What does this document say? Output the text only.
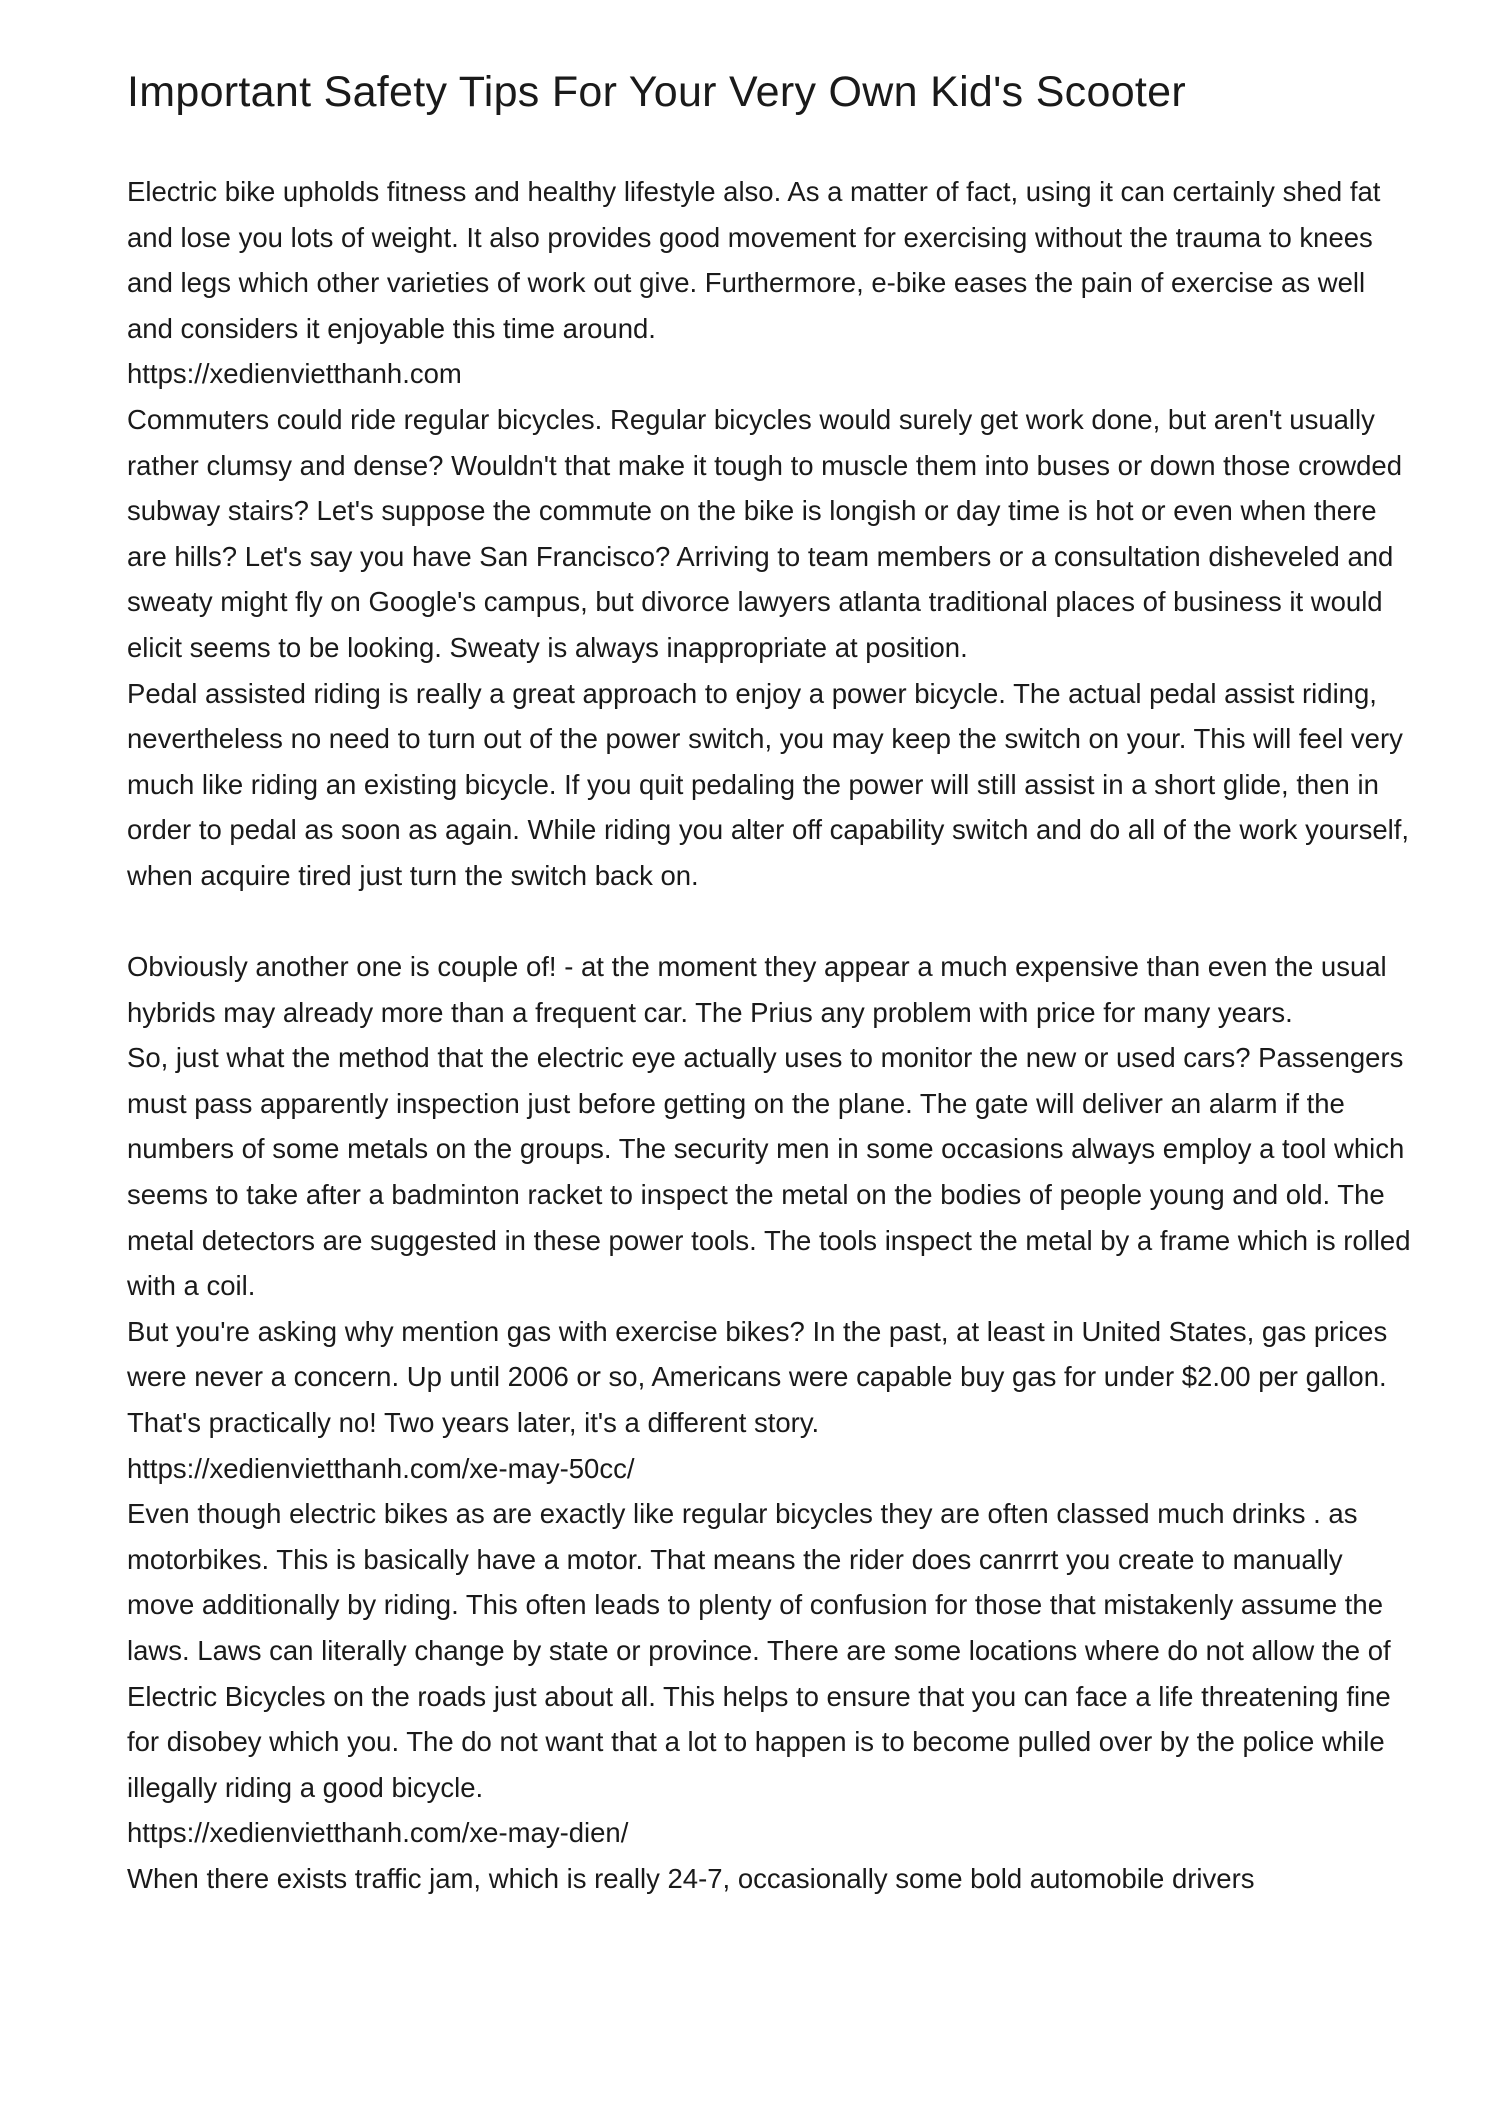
Important Safety Tips For Your Very Own Kid's Scooter

Electric bike upholds fitness and healthy lifestyle also. As a matter of fact, using it can certainly shed fat and lose you lots of weight. It also provides good movement for exercising without the trauma to knees and legs which other varieties of work out give. Furthermore, e-bike eases the pain of exercise as well and considers it enjoyable this time around.

https://xedienvietthanh.com

Commuters could ride regular bicycles. Regular bicycles would surely get work done, but aren't usually rather clumsy and dense? Wouldn't that make it tough to muscle them into buses or down those crowded subway stairs? Let's suppose the commute on the bike is longish or day time is hot or even when there are hills? Let's say you have San Francisco? Arriving to team members or a consultation disheveled and sweaty might fly on Google's campus, but divorce lawyers atlanta traditional places of business it would elicit seems to be looking. Sweaty is always inappropriate at position.

Pedal assisted riding is really a great approach to enjoy a power bicycle. The actual pedal assist riding, nevertheless no need to turn out of the power switch, you may keep the switch on your. This will feel very much like riding an existing bicycle. If you quit pedaling the power will still assist in a short glide, then in order to pedal as soon as again. While riding you alter off capability switch and do all of the work yourself, when acquire tired just turn the switch back on.

Obviously another one is couple of! - at the moment they appear a much expensive than even the usual hybrids may already more than a frequent car. The Prius any problem with price for many years.

So, just what the method that the electric eye actually uses to monitor the new or used cars? Passengers must pass apparently inspection just before getting on the plane. The gate will deliver an alarm if the numbers of some metals on the groups. The security men in some occasions always employ a tool which seems to take after a badminton racket to inspect the metal on the bodies of people young and old. The metal detectors are suggested in these power tools. The tools inspect the metal by a frame which is rolled with a coil.

But you're asking why mention gas with exercise bikes? In the past, at least in United States, gas prices were never a concern. Up until 2006 or so, Americans were capable buy gas for under $2.00 per gallon. That's practically no! Two years later, it's a different story.

https://xedienvietthanh.com/xe-may-50cc/

Even though electric bikes as are exactly like regular bicycles they are often classed much drinks . as motorbikes. This is basically have a motor. That means the rider does canrrrt you create to manually move additionally by riding. This often leads to plenty of confusion for those that mistakenly assume the laws. Laws can literally change by state or province. There are some locations where do not allow the of Electric Bicycles on the roads just about all. This helps to ensure that you can face a life threatening fine for disobey which you. The do not want that a lot to happen is to become pulled over by the police while illegally riding a good bicycle.

https://xedienvietthanh.com/xe-may-dien/

When there exists traffic jam, which is really 24-7, occasionally some bold automobile drivers
